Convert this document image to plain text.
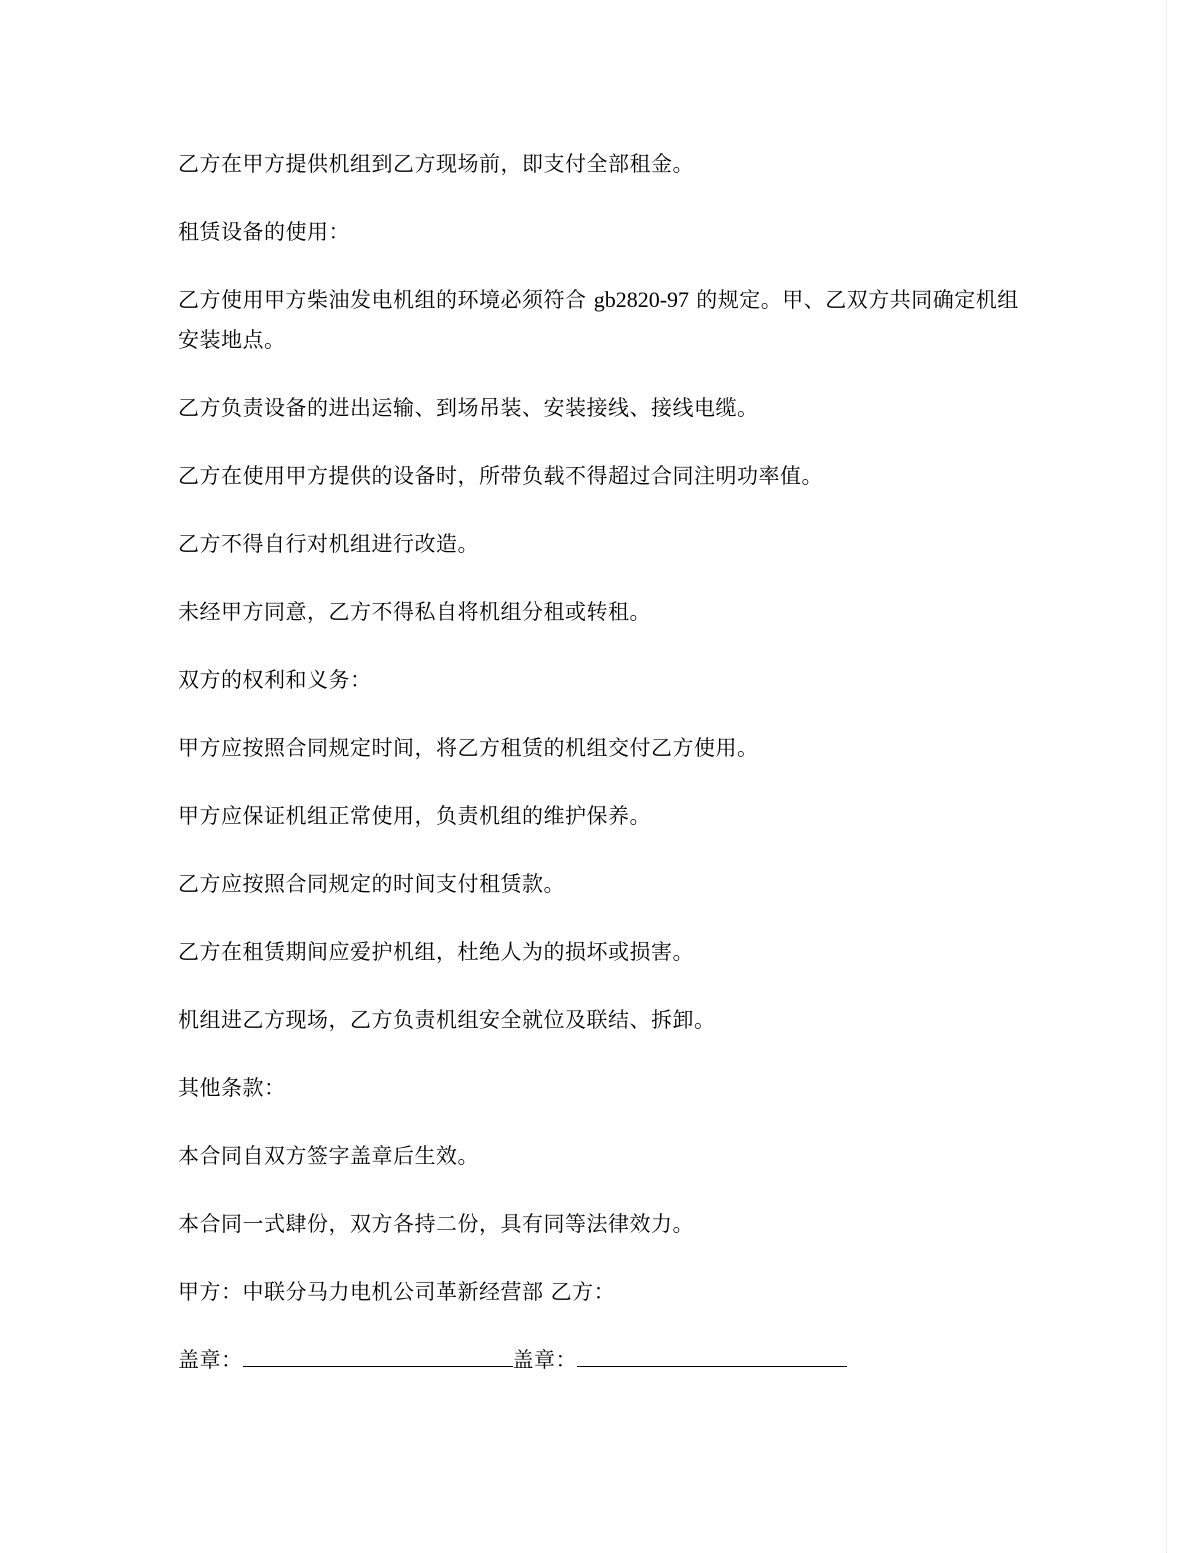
乙方在甲方提供机组到乙方现场前，即支付全部租金。

租赁设备的使用：

乙方使用甲方柴油发电机组的环境必须符合 gb2820-97 的规定。甲、乙双方共同确定机组安装地点。

乙方负责设备的进出运输、到场吊装、安装接线、接线电缆。

乙方在使用甲方提供的设备时，所带负载不得超过合同注明功率值。

乙方不得自行对机组进行改造。

未经甲方同意，乙方不得私自将机组分租或转租。

双方的权利和义务：

甲方应按照合同规定时间，将乙方租赁的机组交付乙方使用。

甲方应保证机组正常使用，负责机组的维护保养。

乙方应按照合同规定的时间支付租赁款。

乙方在租赁期间应爱护机组，杜绝人为的损坏或损害。

机组进乙方现场，乙方负责机组安全就位及联结、拆卸。

其他条款：

本合同自双方签字盖章后生效。

本合同一式肆份，双方各持二份，具有同等法律效力。

甲方：中联分马力电机公司革新经营部 乙方：

盖章：	盖章：
